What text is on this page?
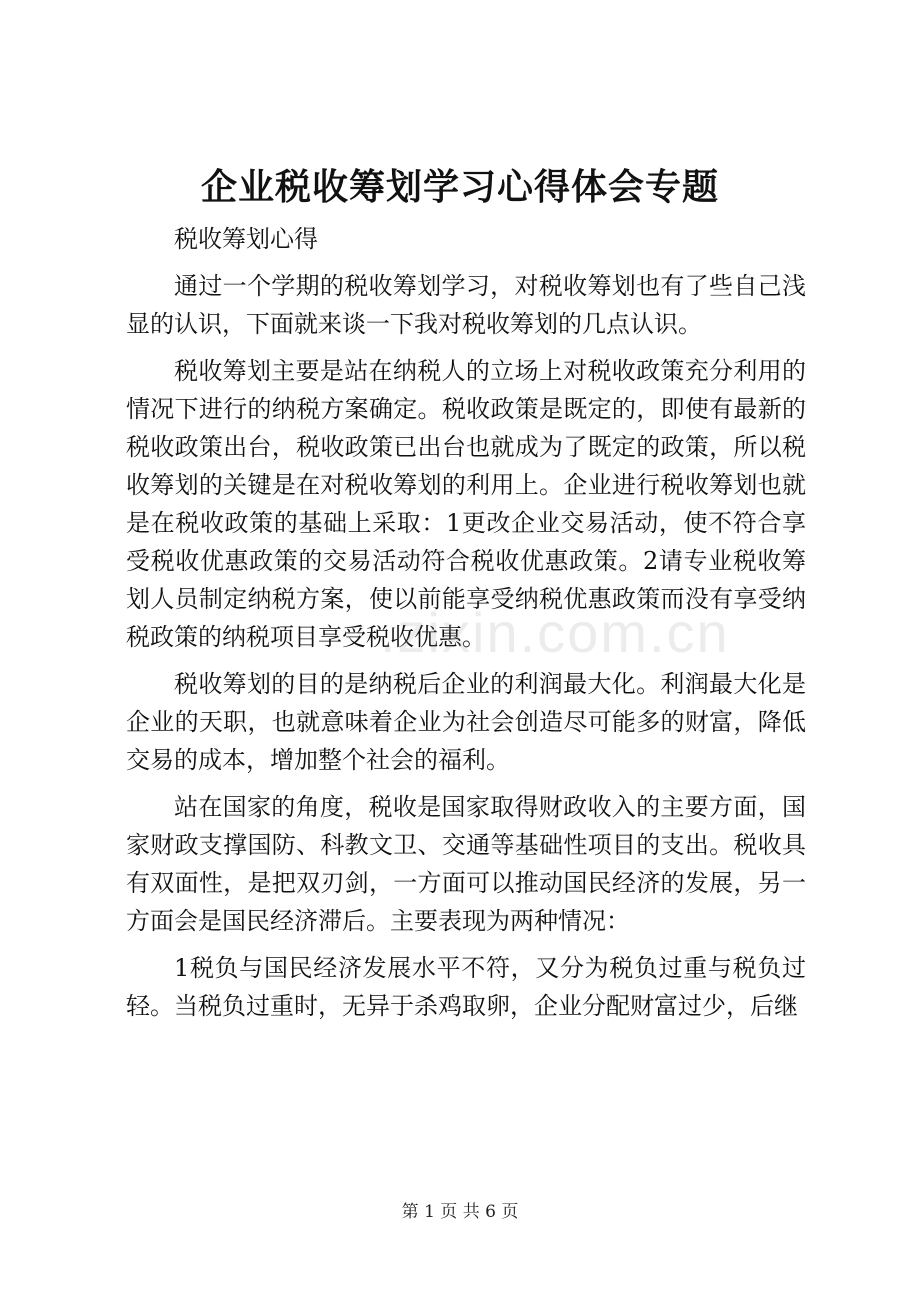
企业税收筹划学习心得体会专题

税收筹划心得

通过一个学期的税收筹划学习，对税收筹划也有了些自己浅显的认识，下面就来谈一下我对税收筹划的几点认识。

税收筹划主要是站在纳税人的立场上对税收政策充分利用的情况下进行的纳税方案确定。税收政策是既定的，即使有最新的税收政策出台，税收政策已出台也就成为了既定的政策，所以税收筹划的关键是在对税收筹划的利用上。企业进行税收筹划也就是在税收政策的基础上采取：1更改企业交易活动，使不符合享受税收优惠政策的交易活动符合税收优惠政策。2请专业税收筹划人员制定纳税方案，使以前能享受纳税优惠政策而没有享受纳税政策的纳税项目享受税收优惠。

税收筹划的目的是纳税后企业的利润最大化。利润最大化是企业的天职，也就意味着企业为社会创造尽可能多的财富，降低交易的成本，增加整个社会的福利。

站在国家的角度，税收是国家取得财政收入的主要方面，国家财政支撑国防、科教文卫、交通等基础性项目的支出。税收具有双面性，是把双刃剑，一方面可以推动国民经济的发展，另一方面会是国民经济滞后。主要表现为两种情况：

1税负与国民经济发展水平不符，又分为税负过重与税负过轻。当税负过重时，无异于杀鸡取卵，企业分配财富过少，后继

.zixin.com.cn
第 1 页 共 6 页
